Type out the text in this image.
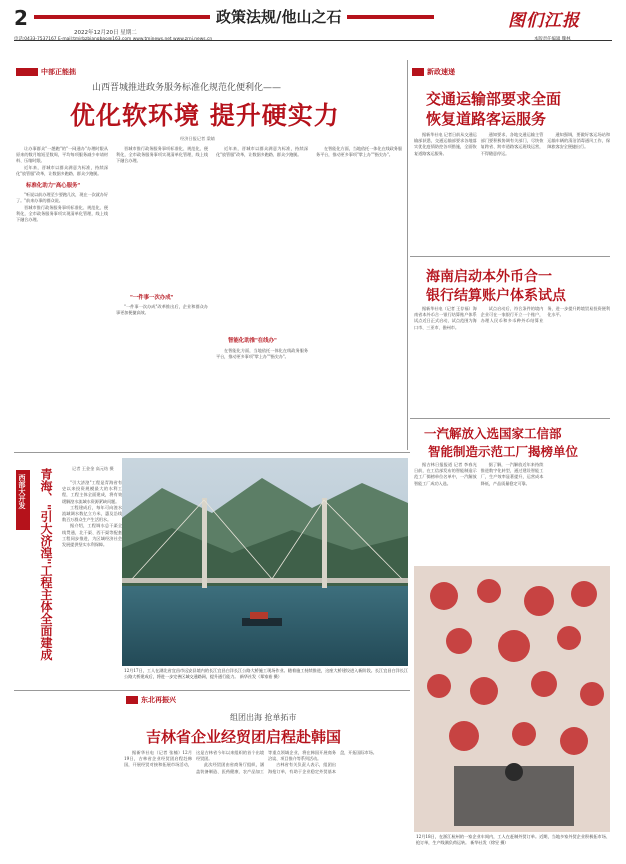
2	政策法规/他山之石	图们江报
2022年12月20日 星期二
中部正能拙
山西晋城推进政务服务标准化规范化便利化——
优化软环境 提升硬实力
经济日报记者 梁婧

让办事群众"一趟跑"的"一网通办"办理时限从原来的数月缩短至数周，平均每项服务减少申请材料、压缩时限。

近年来，晋城市以群众满意为标准，持续深化"放管服"改革，让数据多跑路、群众少跑腿。

标准化助力"高心服务"

"听说以前办理至少要跑几次，现在一次就办好了。"前来办事的群众说。

晋城市推行政务服务事项标准化、规范化、便利化，全市政务服务事项实现清单化管理，线上线下融合办理。

晋城市推行政务服务事项标准化、规范化、便利化，全市政务服务事项实现清单化管理，线上线下融合办理。

"一件事一次办成"

"一件事一次办成"改革推出后，企业和群众办事更加便捷高效。

近年来，晋城市以群众满意为标准，持续深化"放管服"改革，让数据多跑路、群众少跑腿。

智能化助推"在线办"

在智能化方面，当地依托一体化在线政务服务平台，推动更多事项"掌上办""指尖办"。

在智能化方面，当地依托一体化在线政务服务平台，推动更多事项"掌上办""指尖办"。

新政速递
交通运输部要求全面
恢复道路客运服务

据新华社电 记者日前从交通运输部获悉，交通运输部要求各地落实优化疫情防控各项措施，全面恢复道路客运服务。

通知要求，各地交通运输主管部门要积极协调有关部门，尽快恢复跨省、跨市道路客运班线运营，不得随意停运。

通知强调，要做好客运场站和运输车辆的清洁消毒通风工作，保障旅客安全便捷出行。

海南启动本外币合一
银行结算账户体系试点

据新华社电（记者 王存福）海南省本外币合一银行结算账户体系试点近日正式启动，试点范围为海口市、三亚市、儋州市。

试点启动后，符合条件的境内企业可在一家银行开立一个账户，办理人民币和多币种外币结算业务，进一步提升跨境贸易投资便利化水平。

一汽解放入选国家工信部
智能制造示范工厂揭榜单位

据吉林日报报道 记者 李春光 日前，在工信部发布的智能制造示范工厂揭榜单位名单中，一汽解放智能工厂成功入选。

据了解，一汽解放近年来持续推进数字化转型，通过建设智能工厂，生产效率显著提升，运营成本降低，产品质量稳定可靠。

西部大开发 青海、"引大济湟"工程主体全面建成	记者 王金金 高元结 摄

"引大济湟"工程是青海省有史以来投资规模最大的水利工程，工程主体全面建成，将有效缓解湟水流域水资源紧缺问题。

工程建成后，每年可向湟水流域调水数亿立方米，惠及沿线数百万群众生产生活用水。

据介绍，工程调水总干渠全线贯通，北干渠、西干渠等配套工程同步推进，为区域经济社会发展提供坚实水利保障。

12月17日，工人在湖北省宜昌市远安县境内的长江宜昌白洋长江公路大桥施工现场作业。随着施工持续推进，这座大桥建设进入新阶段。长江宜昌白洋长江公路大桥建成后，将进一步完善区域交通路网，提升通行能力。 新华社发（郑家裕 摄）
东北再振兴
组团出海 抢单拓市
吉林省企业经贸团启程赴韩国

据新华社电（记者 张楠）12月19日，吉林省企业经贸团启程赴韩国，开展经贸对接和拓展市场活动，这是吉林省今年以来组织的首个出境经贸团。

此次经贸团由省商务厅组织，涵盖装备制造、医药健康、农产品加工等重点领域企业，将在韩国开展商务洽谈、项目推介等系列活动。

吉林省有关负责人表示，组团出海抢订单，有助于企业稳定外贸基本盘，开拓国际市场。

12月18日，在浙江杭州的一家企业车间内，工人在赶制外贸订单。近期，当地多家外贸企业积极拓市场、抢订单，生产线满负荷运转。 新华社发（徐昱 摄）
